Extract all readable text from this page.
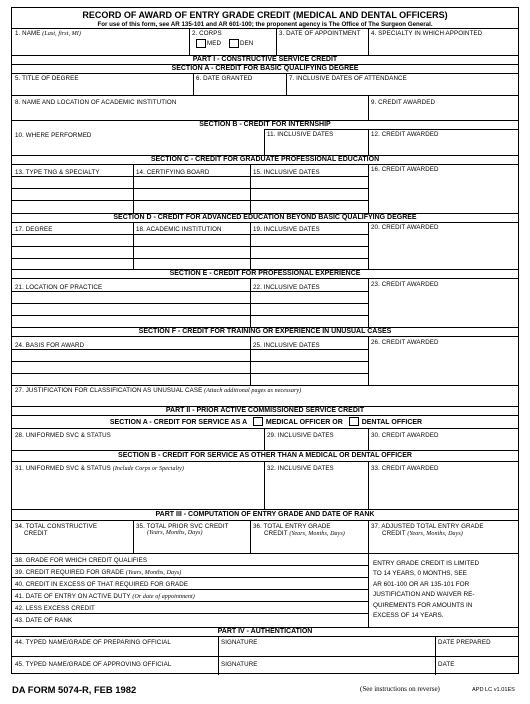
RECORD OF AWARD OF ENTRY GRADE CREDIT (MEDICAL AND DENTAL OFFICERS)
For use of this form, see AR 135-101 and AR 601-100; the proponent agency is The Office of The Surgeon General.
1. NAME (Last, first, MI)	2. CORPS
MED	DEN
3. DATE OF APPOINTMENT 4. SPECIALTY IN WHICH APPOINTED
PART I - CONSTRUCTIVE SERVICE CREDIT
SECTION A - CREDIT FOR BASIC QUALIFYING DEGREE
5. TITLE OF DEGREE	6. DATE GRANTED	7. INCLUSIVE DATES OF ATTENDANCE
8. NAME AND LOCATION OF ACADEMIC INSTITUTION	9. CREDIT AWARDED
SECTION B - CREDIT FOR INTERNSHIP
10. WHERE PERFORMED	11. INCLUSIVE DATES	12. CREDIT AWARDED
SECTION C - CREDIT FOR GRADUATE PROFESSIONAL EDUCATION
13. TYPE TNG & SPECIALTY	14. CERTIFYING BOARD	15. INCLUSIVE DATES	16. CREDIT AWARDED
SECTION D - CREDIT FOR ADVANCED EDUCATION BEYOND BASIC QUALIFYING DEGREE
17. DEGREE	18. ACADEMIC INSTITUTION	19. INCLUSIVE DATES	20. CREDIT AWARDED
SECTION E - CREDIT FOR PROFESSIONAL EXPERIENCE
21. LOCATION OF PRACTICE	22. INCLUSIVE DATES	23. CREDIT AWARDED
SECTION F - CREDIT FOR TRAINING OR EXPERIENCE IN UNUSUAL CASES
24. BASIS FOR AWARD	25. INCLUSIVE DATES	26. CREDIT AWARDED
27. JUSTIFICATION FOR CLASSIFICATION AS UNUSUAL CASE (Attach additional pages as necessary)
PART II - PRIOR ACTIVE COMMISSIONED SERVICE CREDIT
SECTION A - CREDIT FOR SERVICE AS A	MEDICAL OFFICER OR	DENTAL OFFICER
28. UNIFORMED SVC & STATUS	29. INCLUSIVE DATES	30. CREDIT AWARDED
SECTION B - CREDIT FOR SERVICE AS OTHER THAN A MEDICAL OR DENTAL OFFICER
31. UNIFORMED SVC & STATUS (Include Corps or Specialty)	32. INCLUSIVE DATES	33. CREDIT AWARDED
PART III - COMPUTATION OF ENTRY GRADE AND DATE OF RANK
34. TOTAL CONSTRUCTIVE
CREDIT
35. TOTAL PRIOR SVC CREDIT
(Years, Months, Days)
36. TOTAL ENTRY GRADE
CREDIT (Years, Months, Days)
37. ADJUSTED TOTAL ENTRY GRADE
CREDIT (Years, Months, Days)
38. GRADE FOR WHICH CREDIT QUALIFIES
39. CREDIT REQUIRED FOR GRADE (Years, Months, Days)
40. CREDIT IN EXCESS OF THAT REQUIRED FOR GRADE
41. DATE OF ENTRY ON ACTIVE DUTY (Or date of appointment)
42. LESS EXCESS CREDIT
43. DATE OF RANK
ENTRY GRADE CREDIT IS LIMITED
TO 14 YEARS, 0 MONTHS, SEE
AR 601-100 OR AR 135-101 FOR
JUSTIFICATION AND WAIVER RE-
QUIREMENTS FOR AMOUNTS IN
EXCESS OF 14 YEARS.
PART IV - AUTHENTICATION
44. TYPED NAME/GRADE OF PREPARING OFFICIAL	SIGNATURE	DATE PREPARED
45. TYPED NAME/GRADE OF APPROVING OFFICIAL	SIGNATURE	DATE
DA FORM 5074-R, FEB 1982	(See instructions on reverse)	APD LC v1.01ES
